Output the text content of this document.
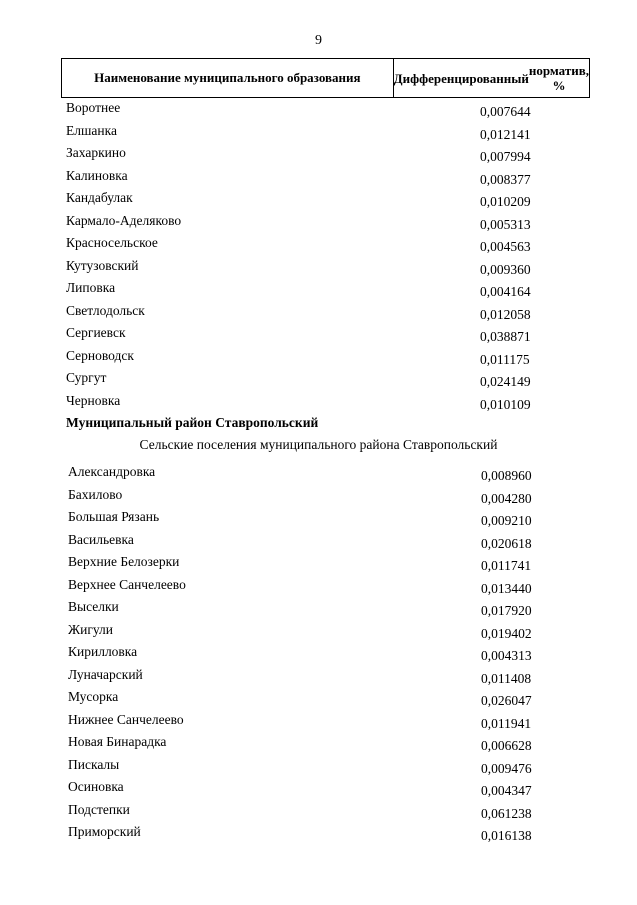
9
Наименование муниципального образования	Дифференцированный норматив, %
Воротнее	0,007644
Елшанка	0,012141
Захаркино	0,007994
Калиновка	0,008377
Кандабулак	0,010209
Кармало-Аделяково	0,005313
Красносельское	0,004563
Кутузовский	0,009360
Липовка	0,004164
Светлодольск	0,012058
Сергиевск	0,038871
Серноводск	0,011175
Сургут	0,024149
Черновка	0,010109
Муниципальный район Ставропольский
Сельские поселения муниципального района Ставропольский
Александровка	0,008960
Бахилово	0,004280
Большая Рязань	0,009210
Васильевка	0,020618
Верхние Белозерки	0,011741
Верхнее Санчелеево	0,013440
Выселки	0,017920
Жигули	0,019402
Кирилловка	0,004313
Луначарский	0,011408
Мусорка	0,026047
Нижнее Санчелеево	0,011941
Новая Бинарадка	0,006628
Пискалы	0,009476
Осиновка	0,004347
Подстепки	0,061238
Приморский	0,016138
